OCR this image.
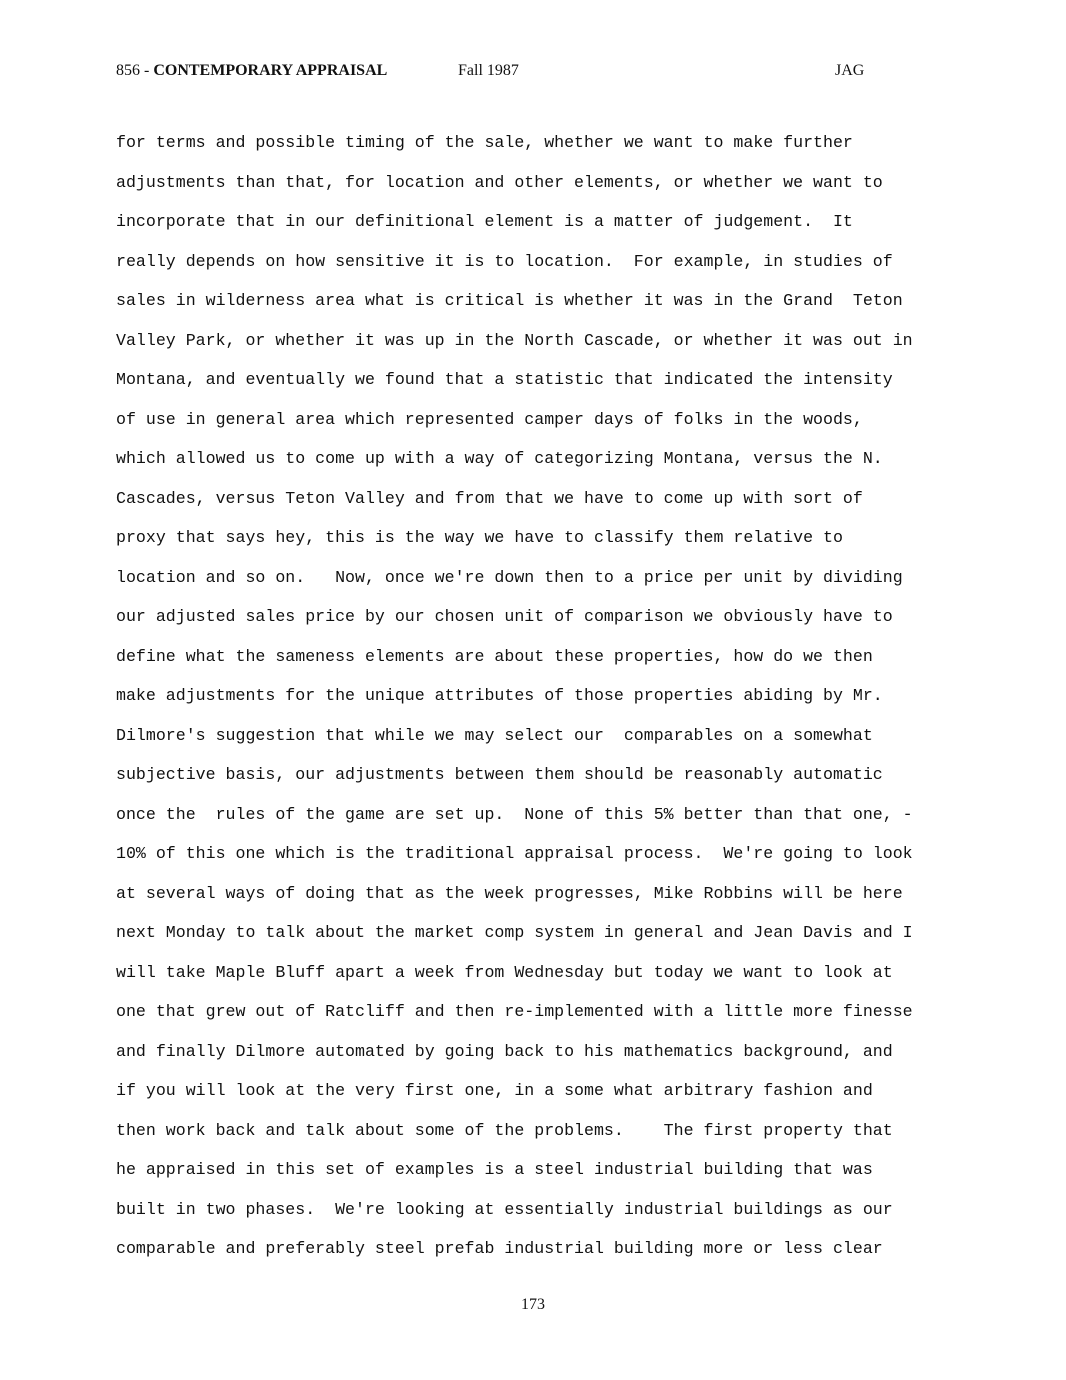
856 - CONTEMPORARY APPRAISAL	Fall 1987	JAG
for terms and possible timing of the sale, whether we want to make further
adjustments than that, for location and other elements, or whether we want to
incorporate that in our definitional element is a matter of judgement.  It
really depends on how sensitive it is to location.  For example, in studies of
sales in wilderness area what is critical is whether it was in the Grand  Teton
Valley Park, or whether it was up in the North Cascade, or whether it was out in
Montana, and eventually we found that a statistic that indicated the intensity
of use in general area which represented camper days of folks in the woods,
which allowed us to come up with a way of categorizing Montana, versus the N.
Cascades, versus Teton Valley and from that we have to come up with sort of
proxy that says hey, this is the way we have to classify them relative to
location and so on.   Now, once we're down then to a price per unit by dividing
our adjusted sales price by our chosen unit of comparison we obviously have to
define what the sameness elements are about these properties, how do we then
make adjustments for the unique attributes of those properties abiding by Mr.
Dilmore's suggestion that while we may select our  comparables on a somewhat
subjective basis, our adjustments between them should be reasonably automatic
once the  rules of the game are set up.  None of this 5% better than that one, -
10% of this one which is the traditional appraisal process.  We're going to look
at several ways of doing that as the week progresses, Mike Robbins will be here
next Monday to talk about the market comp system in general and Jean Davis and I
will take Maple Bluff apart a week from Wednesday but today we want to look at
one that grew out of Ratcliff and then re-implemented with a little more finesse
and finally Dilmore automated by going back to his mathematics background, and
if you will look at the very first one, in a some what arbitrary fashion and
then work back and talk about some of the problems.    The first property that
he appraised in this set of examples is a steel industrial building that was
built in two phases.  We're looking at essentially industrial buildings as our
comparable and preferably steel prefab industrial building more or less clear
173
